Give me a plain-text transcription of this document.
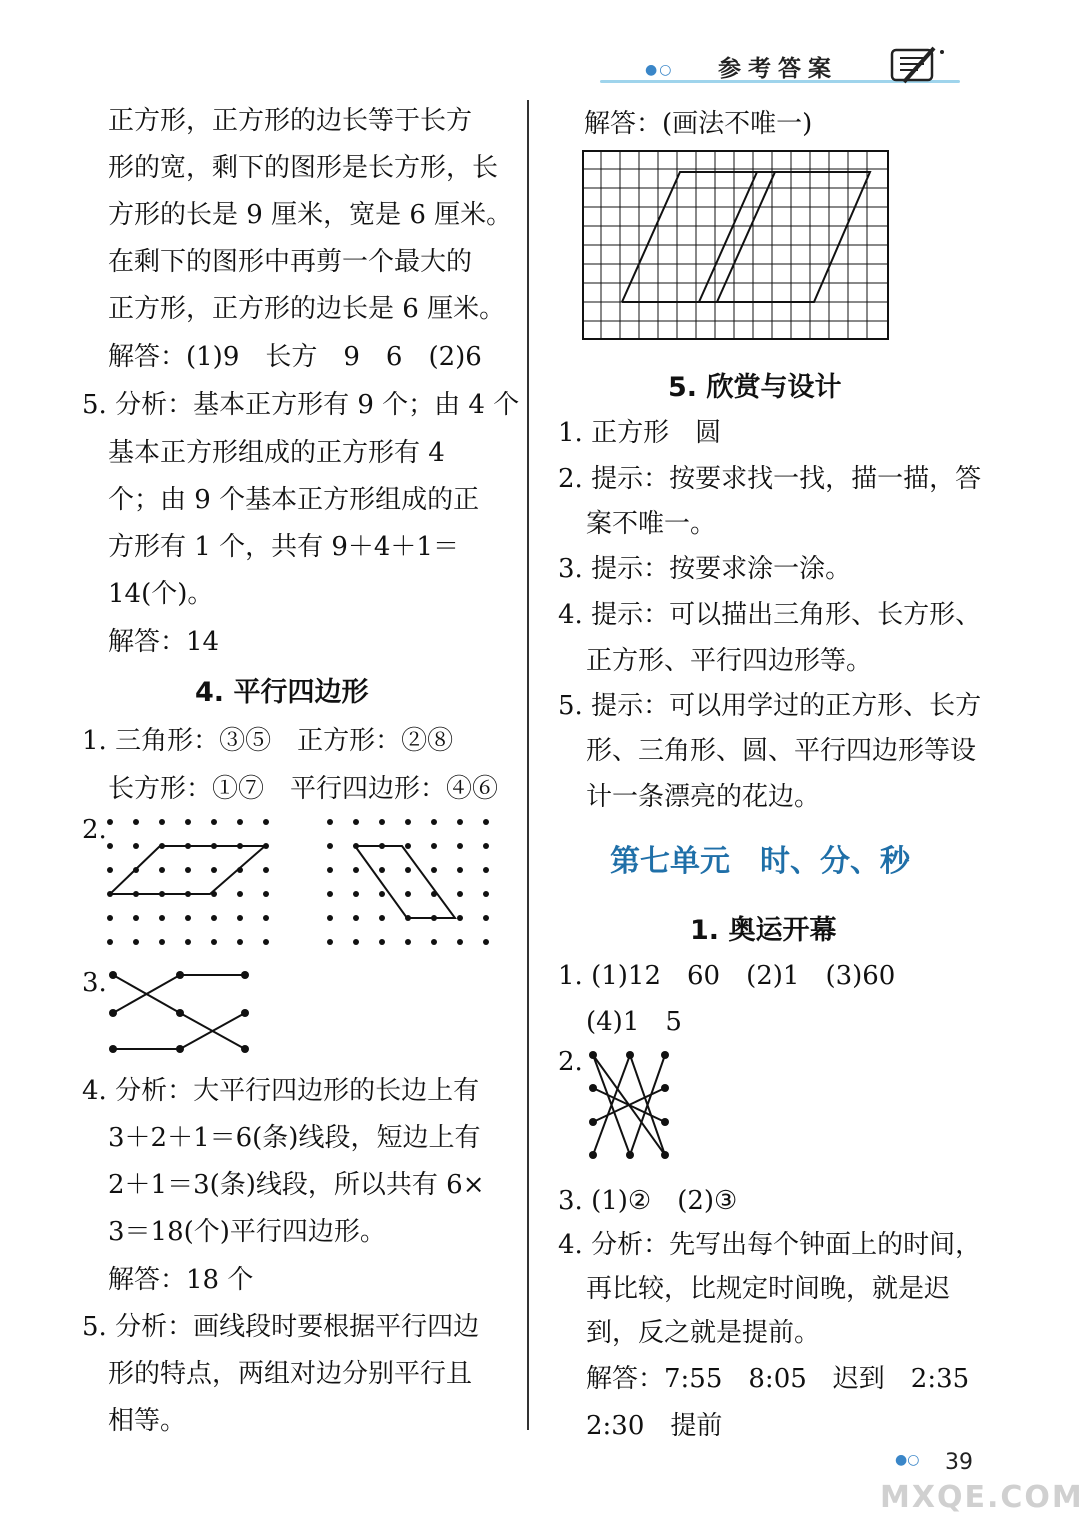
●○ 参考答案
正方形，正方形的边长等于长方
形的宽，剩下的图形是长方形，长
方形的长是 9 厘米，宽是 6 厘米。
在剩下的图形中再剪一个最大的
正方形，正方形的边长是 6 厘米。
解答：(1)9　长方　9　6　(2)6
5. 分析：基本正方形有 9 个；由 4 个
基本正方形组成的正方形有 4
个；由 9 个基本正方形组成的正
方形有 1 个，共有 9＋4＋1＝
14(个)。
解答：14
4. 平行四边形
1. 三角形：③⑤　正方形：②⑧
长方形：①⑦　平行四边形：④⑥
2.
3.
4. 分析：大平行四边形的长边上有
3＋2＋1＝6(条)线段，短边上有
2＋1＝3(条)线段，所以共有 6×
3＝18(个)平行四边形。
解答：18 个
5. 分析：画线段时要根据平行四边
形的特点，两组对边分别平行且
相等。
解答：(画法不唯一)
5. 欣赏与设计
1. 正方形　圆
2. 提示：按要求找一找，描一描，答
案不唯一。
3. 提示：按要求涂一涂。
4. 提示：可以描出三角形、长方形、
正方形、平行四边形等。
5. 提示：可以用学过的正方形、长方
形、三角形、圆、平行四边形等设
计一条漂亮的花边。
第七单元　时、分、秒
1. 奥运开幕
1. (1)12　60　(2)1　(3)60
(4)1　5
2.
3. (1)②　(2)③
4. 分析：先写出每个钟面上的时间，
再比较，比规定时间晚，就是迟
到，反之就是提前。
解答：7:55　8:05　迟到　2:35
2:30　提前
●○ 39
MXQE.COM
